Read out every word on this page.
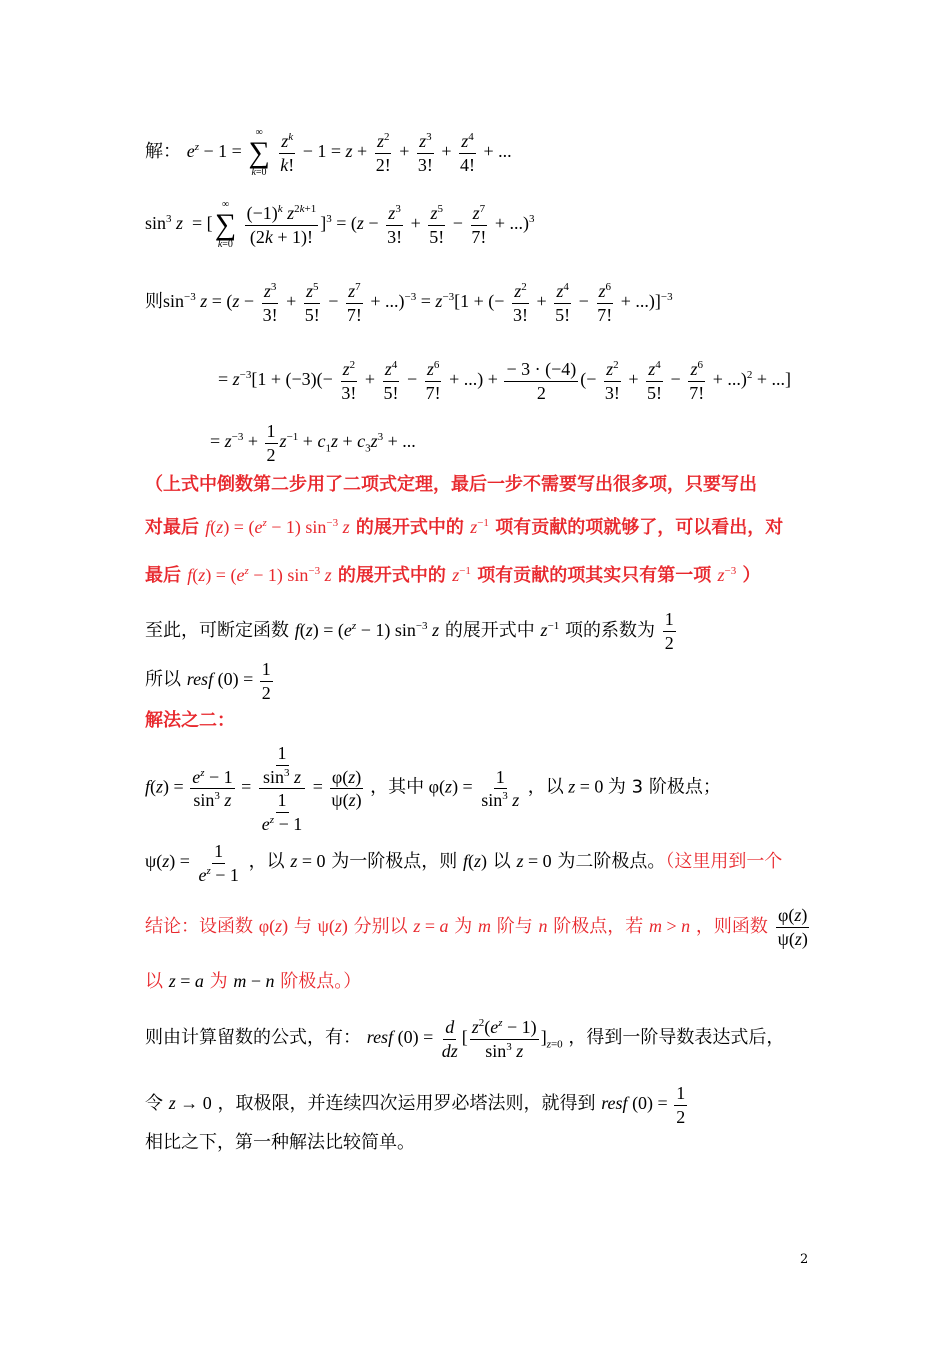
解： $e^z - 1$ =
∞
∑
k=0
$\frac{z^k}{k!} - 1 = z + \frac{z^2}{2!} + \frac{z^3}{3!} + \frac{z^4}{4!}$ + ...
$\sin^3 z$  = [
∞
∑
k=0
$\frac{(-1)^k z^{2k+1}}{(2k + 1)!} ]^3 = (z - \frac{z^3}{3!} + \frac{z^5}{5!} - \frac{z^7}{7!} + ...)^3$
则$\sin^{-3} z = (z - \frac{z^3}{3!} + \frac{z^5}{5!} - \frac{z^7}{7!} + ...)^{-3} = z^{-3}[1$ + (− $\frac{z^2}{3!} + \frac{z^4}{5!} - \frac{z^6}{7!} + ...)]^{-3}$
= $z^{-3}[1 + (-3)(- \frac{z^2}{3!} + \frac{z^4}{5!} - \frac{z^6}{7!}$ + ...) + $\frac{- 3 \cdot (-4)}{2}$ (− $\frac{z^2}{3!} + \frac{z^4}{5!} - \frac{z^6}{7!} + ...)^2$ + ...]
= $z^{-3} + \frac{1}{2} z^{-1} + c_1z + c_3z^3$ + ...
（上式中倒数第二步用了二项式定理，最后一步不需要写出很多项，只要写出
对最后 $f(z) = (e^z - 1)$ $\sin^{-3} z$ 的展开式中的 $z^{-1}$ 项有贡献的项就够了，可以看出，对
最后 $f(z) = (e^z - 1)$ $\sin^{-3} z$ 的展开式中的 $z^{-1}$ 项有贡献的项其实只有第一项 $z^{-3}$ ）
至此，可断定函数 $f(z) = (e^z - 1)$ $\sin^{-3} z$ 的展开式中 $z^{-1}$ 项的系数为 $\frac{1}{2}$
所以 resf $(0) = \frac{1}{2}$
解法之二：
$f(z) = \frac{e^z - 1}{\sin^3 z} = \frac{\frac{1}{\sin^3 z}}{\frac{1}{e^z - 1}} = \frac{\varphi(z)}{\psi(z)}$ ，其中 $\varphi(z) = \frac{1}{\sin^3 z}$ ，以 z = 0 为 3 阶极点；
$\psi(z) = \frac{1}{e^z - 1}$ ，以 z = 0 为一阶极点，则 f(z) 以 z = 0 为二阶极点。（这里用到一个
结论：设函数 φ(z) 与 ψ(z) 分别以 z = a 为 m 阶与 n 阶极点，若 m > n ，则函数 $\frac{\varphi(z)}{\psi(z)}$
以 z = a 为 m − n 阶极点。）
则由计算留数的公式，有： resf $(0) = \frac{d}{dz}$ [ $\frac{z^2(e^z - 1)}{\sin^3 z} ]_{z=0}$ ，得到一阶导数表达式后，
令 z → 0 ，取极限，并连续四次运用罗必塔法则，就得到 resf $(0) = \frac{1}{2}$
相比之下，第一种解法比较简单。
2
